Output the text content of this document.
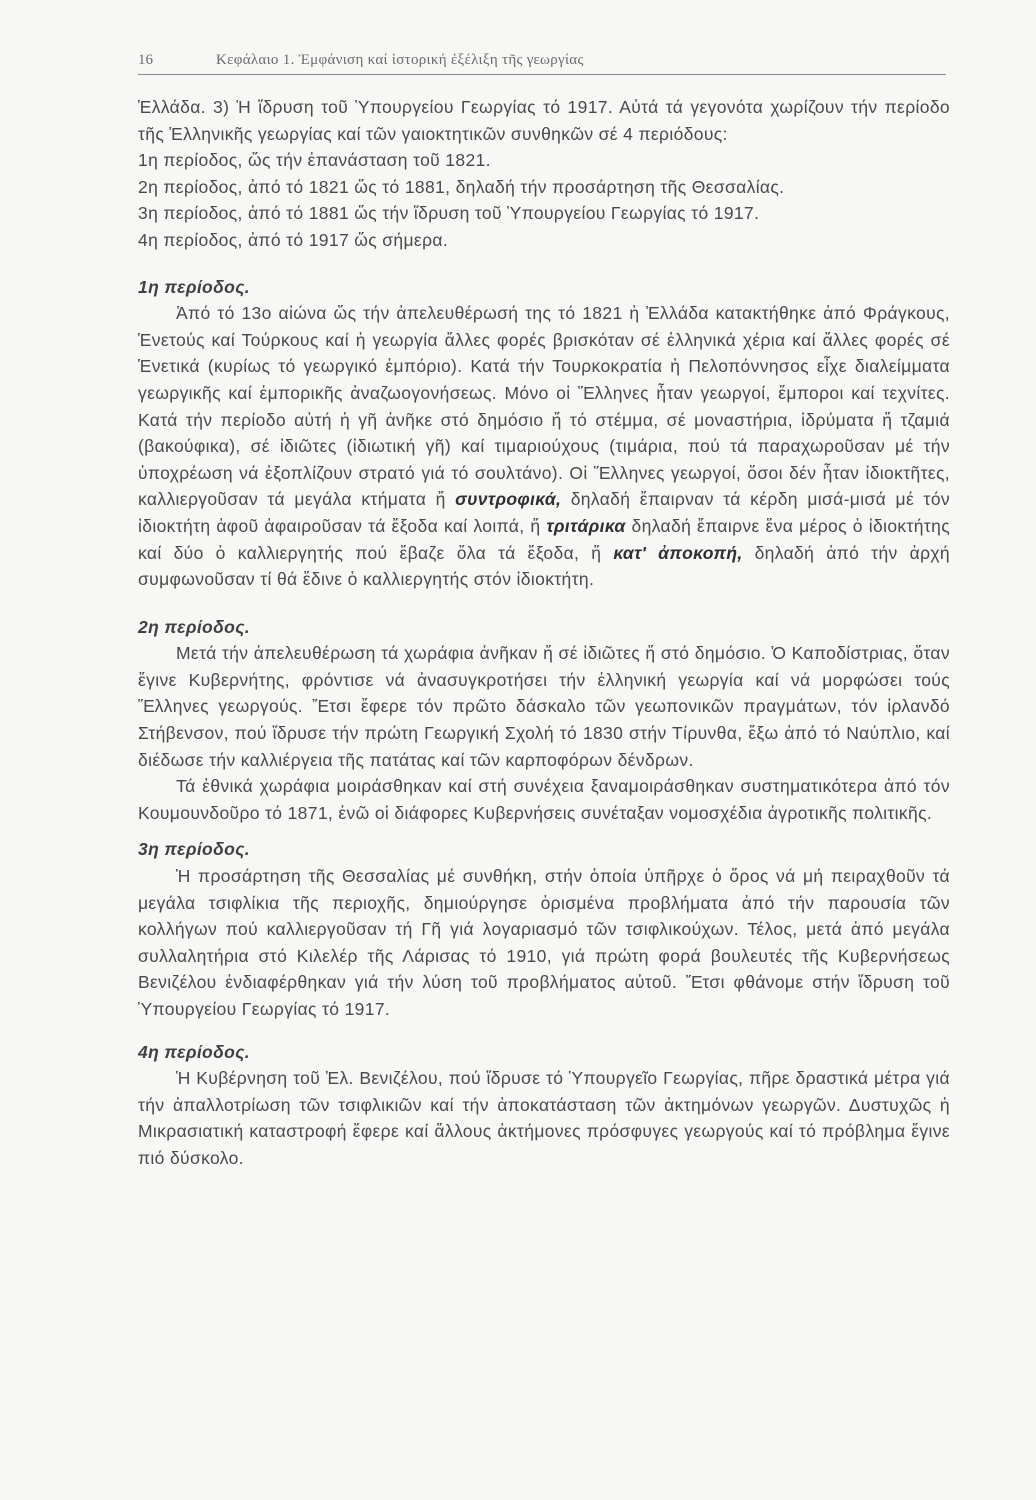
16	Κεφάλαιο 1. Ἐμφάνιση καί ἱστορική ἐξέλιξη τῆς γεωργίας

Ἑλλάδα. 3) Ἡ ἵδρυση τοῦ Ὑπουργείου Γεωργίας τό 1917. Αὐτά τά γεγονότα χωρίζουν τήν περίοδο τῆς Ἑλληνικῆς γεωργίας καί τῶν γαιοκτητικῶν συνθηκῶν σέ 4 περιόδους:

1η περίοδος, ὥς τήν ἐπανάσταση τοῦ 1821.

2η περίοδος, ἀπό τό 1821 ὥς τό 1881, δηλαδή τήν προσάρτηση τῆς Θεσσαλίας.

3η περίοδος, ἀπό τό 1881 ὥς τήν ἵδρυση τοῦ Ὑπουργείου Γεωργίας τό 1917.

4η περίοδος, ἀπό τό 1917 ὥς σήμερα.

1η περίοδος.

Ἀπό τό 13ο αἰώνα ὥς τήν ἀπελευθέρωσή της τό 1821 ἡ Ἑλλάδα κατακτήθηκε ἀπό Φράγκους, Ἑνετούς καί Τούρκους καί ἡ γεωργία ἄλλες φορές βρισκόταν σέ ἑλληνικά χέρια καί ἄλλες φορές σέ Ἑνετικά (κυρίως τό γεωργικό ἐμπόριο). Κατά τήν Τουρκοκρατία ἡ Πελοπόννησος εἶχε διαλείμματα γεωργικῆς καί ἐμπορικῆς ἀναζωογονήσεως. Μόνο οἱ Ἕλληνες ἦταν γεωργοί, ἔμποροι καί τεχνίτες. Κατά τήν περίοδο αὐτή ἡ γῆ ἀνῆκε στό δημόσιο ἤ τό στέμμα, σέ μοναστήρια, ἱδρύματα ἤ τζαμιά (βακούφικα), σέ ἰδιῶτες (ἰδιωτική γῆ) καί τιμαριούχους (τιμάρια, πού τά παραχωροῦσαν μέ τήν ὑποχρέωση νά ἐξοπλίζουν στρατό γιά τό σουλτάνο). Οἱ Ἕλληνες γεωργοί, ὅσοι δέν ἦταν ἰδιοκτῆτες, καλλιεργοῦσαν τά μεγάλα κτήματα ἤ συντροφικά, δηλαδή ἔπαιρναν τά κέρδη μισά-μισά μέ τόν ἰδιοκτήτη ἀφοῦ ἀφαιροῦσαν τά ἔξοδα καί λοιπά, ἤ τριτάρικα δηλαδή ἔπαιρνε ἕνα μέρος ὁ ἰδιοκτήτης καί δύο ὁ καλλιεργητής πού ἔβαζε ὅλα τά ἔξοδα, ἤ κατ' ἀποκοπή, δηλαδή ἀπό τήν ἀρχή συμφωνοῦσαν τί θά ἔδινε ὁ καλλιεργητής στόν ἰδιοκτήτη.

2η περίοδος.

Μετά τήν ἀπελευθέρωση τά χωράφια ἀνῆκαν ἤ σέ ἰδιῶτες ἤ στό δημόσιο. Ὁ Καποδίστριας, ὅταν ἔγινε Κυβερνήτης, φρόντισε νά ἀνασυγκροτήσει τήν ἑλληνική γεωργία καί νά μορφώσει τούς Ἕλληνες γεωργούς. Ἔτσι ἔφερε τόν πρῶτο δάσκαλο τῶν γεωπονικῶν πραγμάτων, τόν ἰρλανδό Στήβενσον, πού ἵδρυσε τήν πρώτη Γεωργική Σχολή τό 1830 στήν Τίρυνθα, ἔξω ἀπό τό Ναύπλιο, καί διέδωσε τήν καλλιέργεια τῆς πατάτας καί τῶν καρποφόρων δένδρων.

Τά ἐθνικά χωράφια μοιράσθηκαν καί στή συνέχεια ξαναμοιράσθηκαν συστηματικότερα ἀπό τόν Κουμουνδοῦρο τό 1871, ἐνῶ οἱ διάφορες Κυβερνήσεις συνέταξαν νομοσχέδια ἀγροτικῆς πολιτικῆς.

3η περίοδος.

Ἡ προσάρτηση τῆς Θεσσαλίας μέ συνθήκη, στήν ὁποία ὑπῆρχε ὁ ὅρος νά μή πειραχθοῦν τά μεγάλα τσιφλίκια τῆς περιοχῆς, δημιούργησε ὁρισμένα προβλήματα ἀπό τήν παρουσία τῶν κολλήγων πού καλλιεργοῦσαν τή Γῆ γιά λογαριασμό τῶν τσιφλικούχων. Τέλος, μετά ἀπό μεγάλα συλλαλητήρια στό Κιλελέρ τῆς Λάρισας τό 1910, γιά πρώτη φορά βουλευτές τῆς Κυβερνήσεως Βενιζέλου ἐνδιαφέρθηκαν γιά τήν λύση τοῦ προβλήματος αὐτοῦ. Ἔτσι φθάνομε στήν ἵδρυση τοῦ Ὑπουργείου Γεωργίας τό 1917.

4η περίοδος.

Ἡ Κυβέρνηση τοῦ Ἐλ. Βενιζέλου, πού ἵδρυσε τό Ὑπουργεῖο Γεωργίας, πῆρε δραστικά μέτρα γιά τήν ἀπαλλοτρίωση τῶν τσιφλικιῶν καί τήν ἀποκατάσταση τῶν ἀκτημόνων γεωργῶν. Δυστυχῶς ἡ Μικρασιατική καταστροφή ἔφερε καί ἄλλους ἀκτήμονες πρόσφυγες γεωργούς καί τό πρόβλημα ἔγινε πιό δύσκολο.
